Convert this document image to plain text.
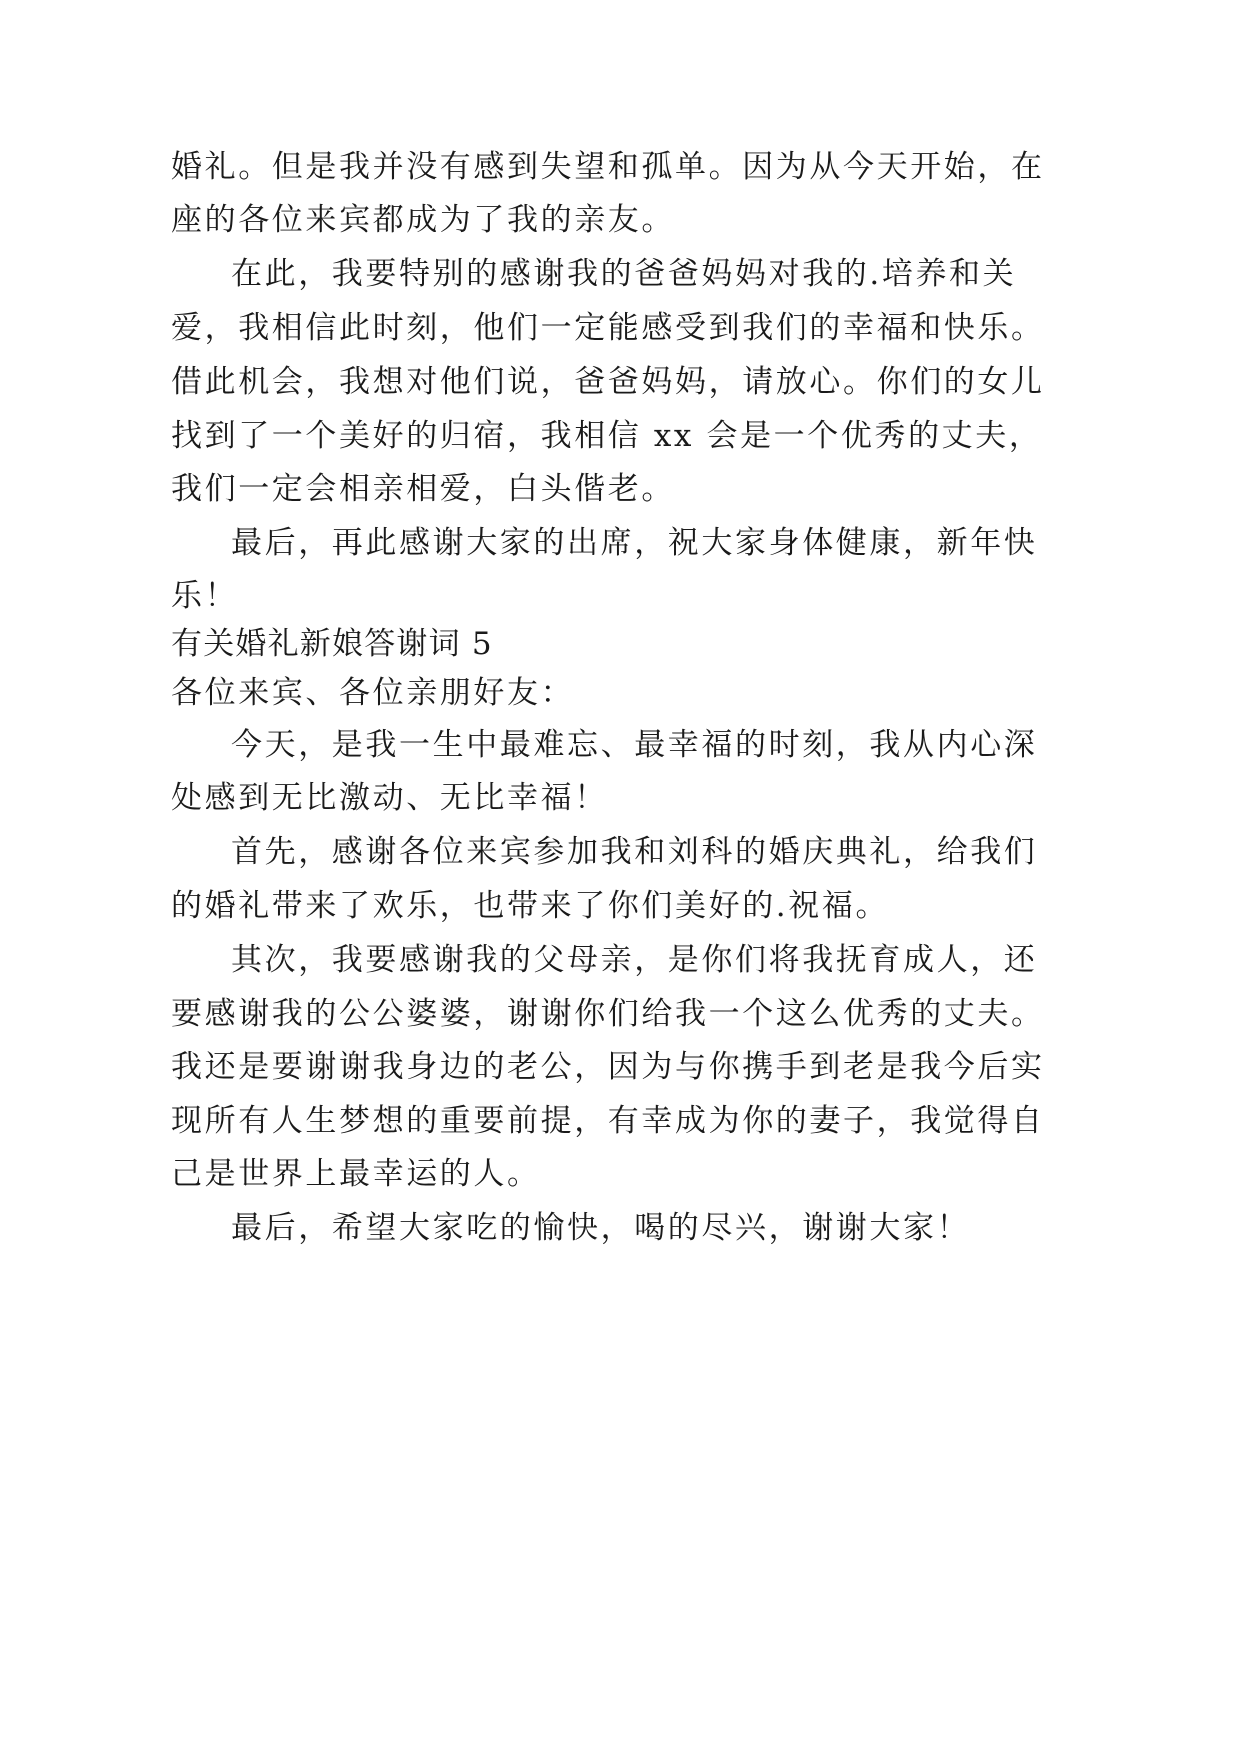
婚礼。但是我并没有感到失望和孤单。因为从今天开始，在
座的各位来宾都成为了我的亲友。
在此，我要特别的感谢我的爸爸妈妈对我的.培养和关
爱，我相信此时刻，他们一定能感受到我们的幸福和快乐。
借此机会，我想对他们说，爸爸妈妈，请放心。你们的女儿
找到了一个美好的归宿，我相信 xx 会是一个优秀的丈夫，
我们一定会相亲相爱，白头偕老。
最后，再此感谢大家的出席，祝大家身体健康，新年快
乐！
有关婚礼新娘答谢词 5
各位来宾、各位亲朋好友：
今天，是我一生中最难忘、最幸福的时刻，我从内心深
处感到无比激动、无比幸福！
首先，感谢各位来宾参加我和刘科的婚庆典礼，给我们
的婚礼带来了欢乐，也带来了你们美好的.祝福。
其次，我要感谢我的父母亲，是你们将我抚育成人，还
要感谢我的公公婆婆，谢谢你们给我一个这么优秀的丈夫。
我还是要谢谢我身边的老公，因为与你携手到老是我今后实
现所有人生梦想的重要前提，有幸成为你的妻子，我觉得自
己是世界上最幸运的人。
最后，希望大家吃的愉快，喝的尽兴，谢谢大家！
